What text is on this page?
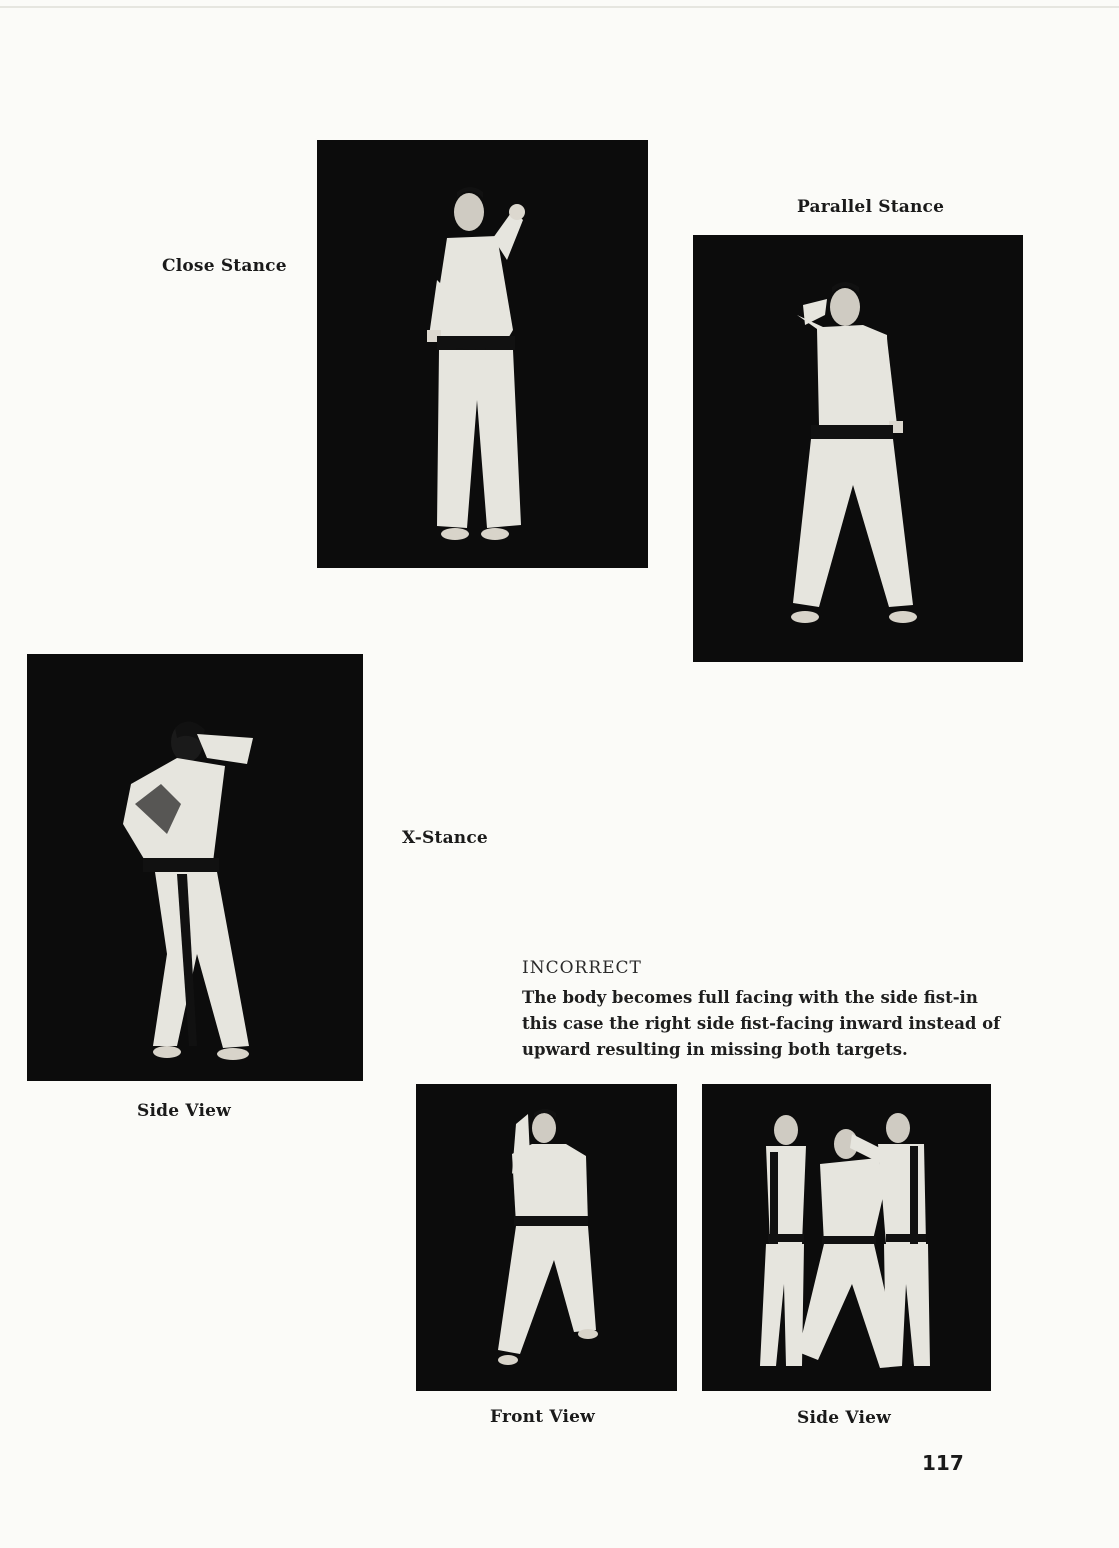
Close Stance
Parallel Stance
X-Stance
Side View
INCORRECT
The body becomes full facing with the side fist-in this case the right side fist-facing inward instead of upward resulting in missing both targets.
Front View	Side View
117
